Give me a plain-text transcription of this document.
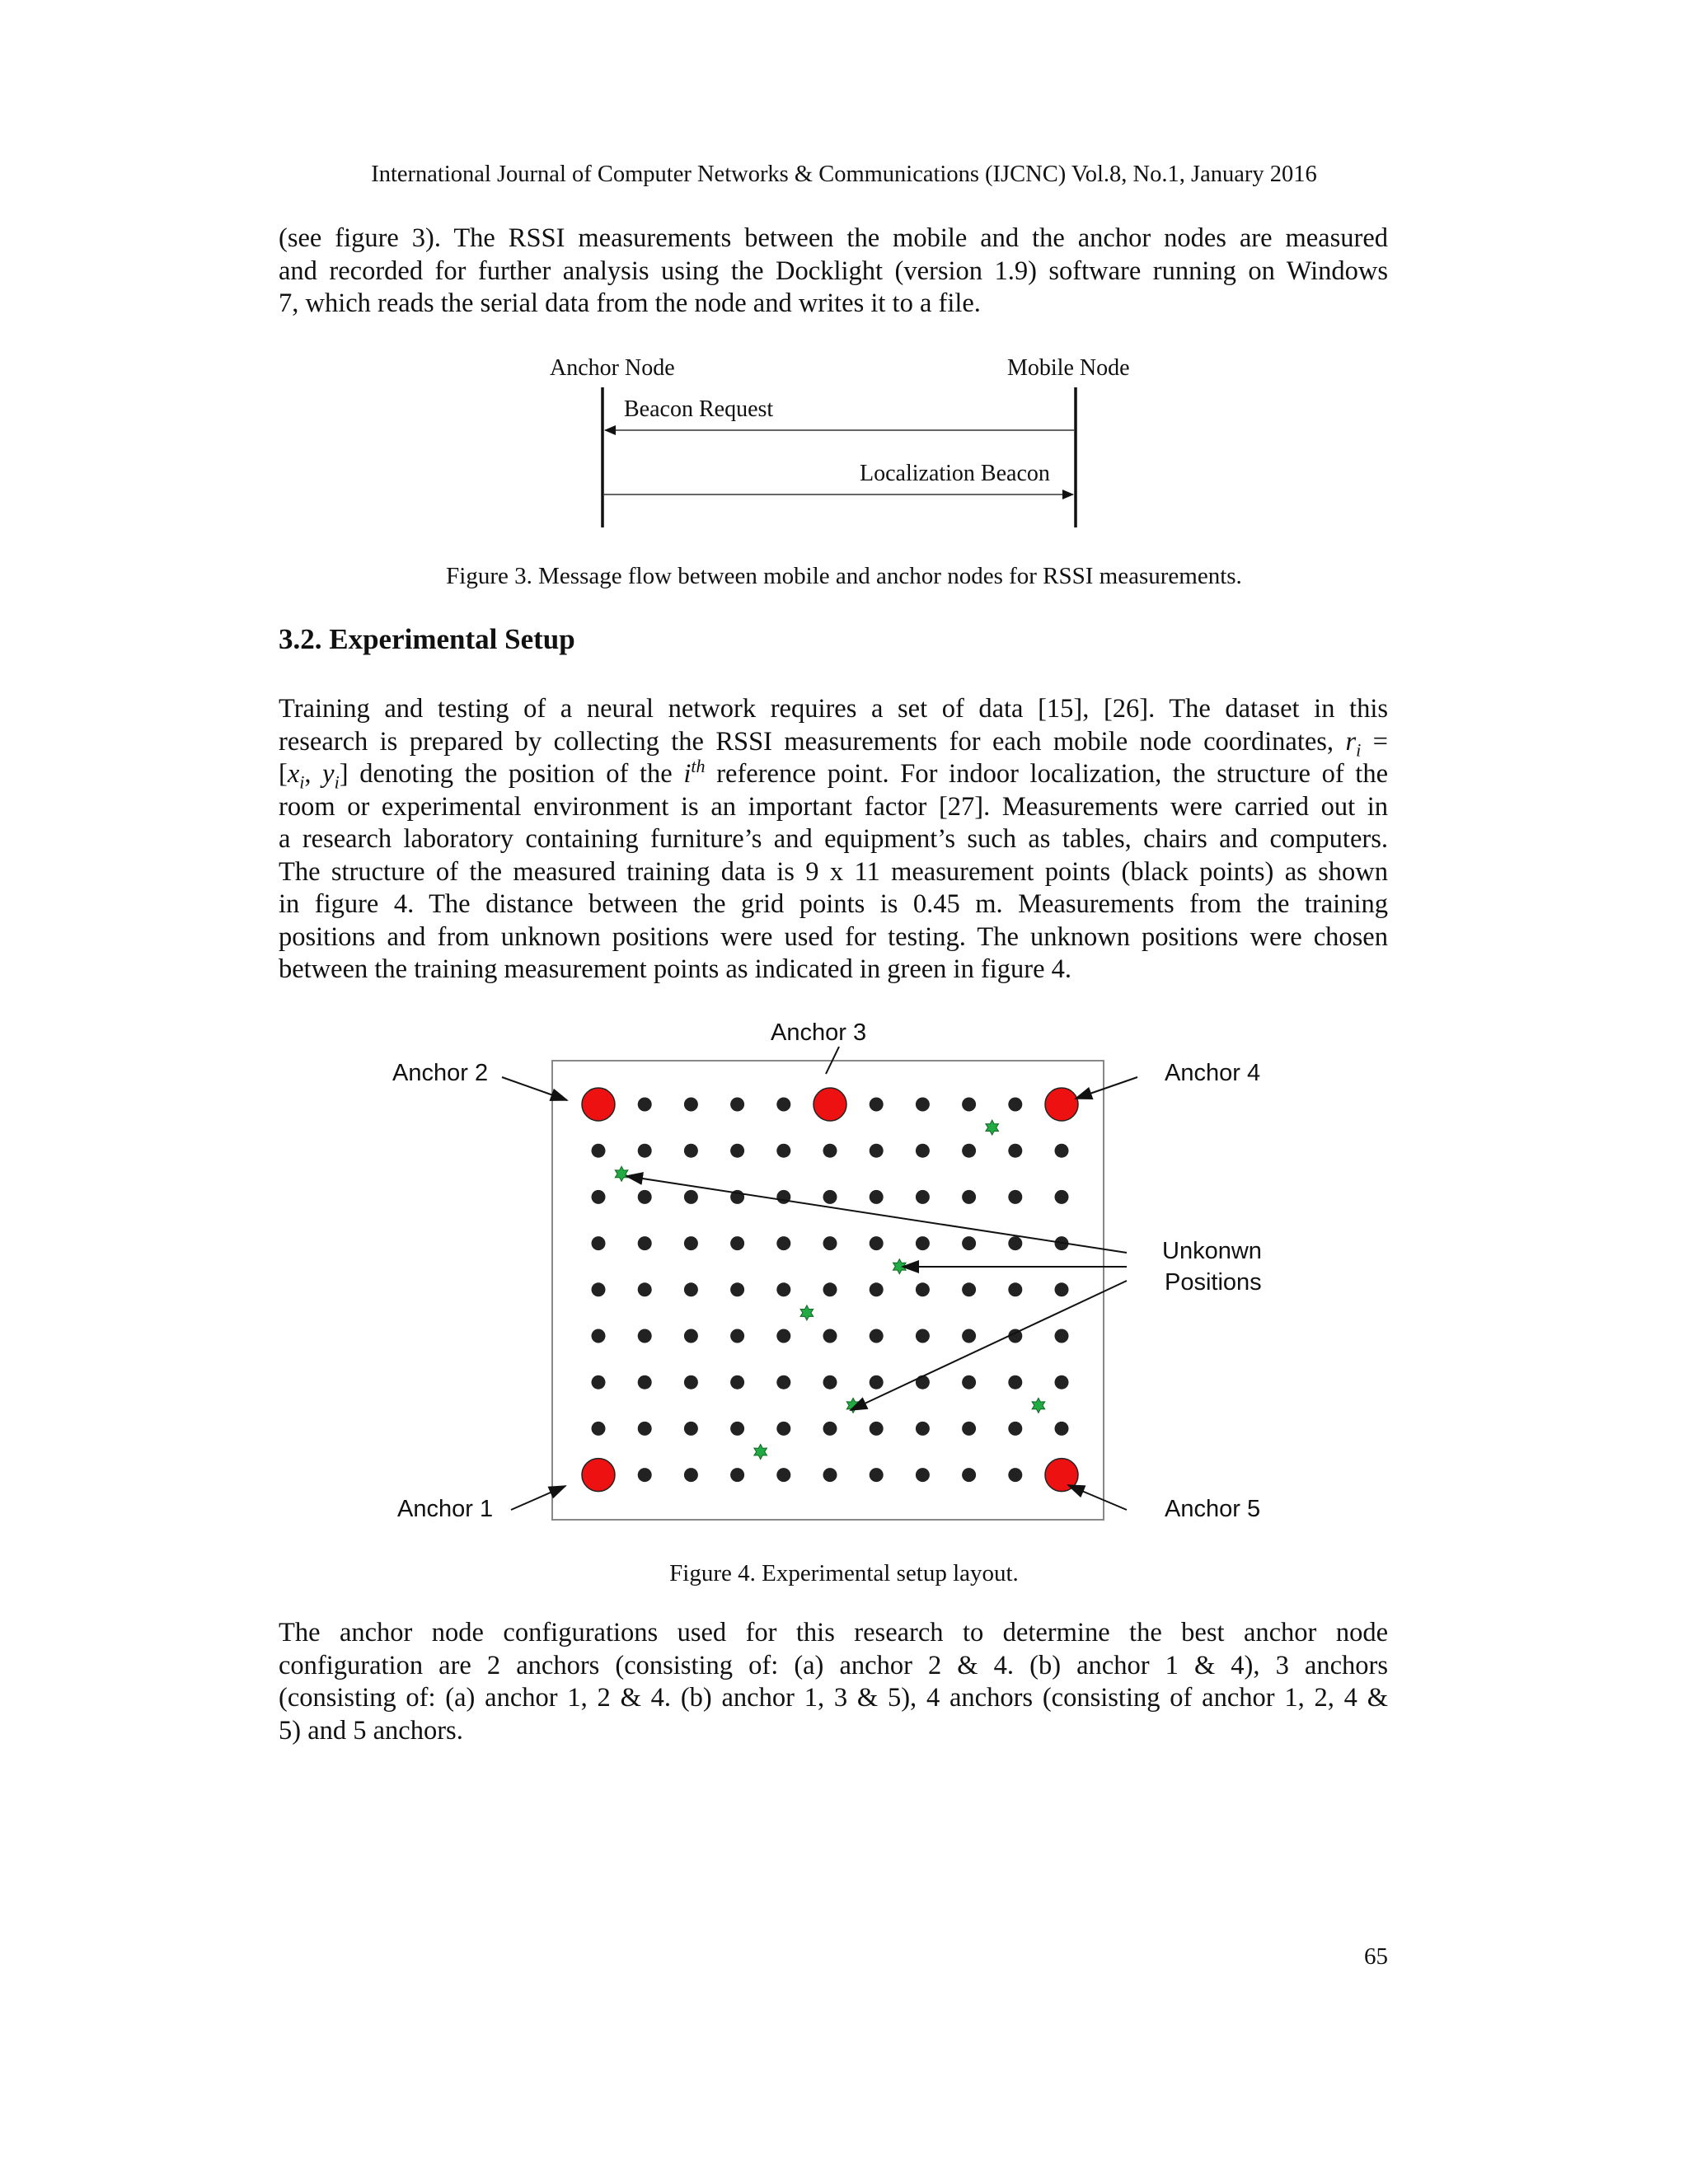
International Journal of Computer Networks & Communications (IJCNC) Vol.8, No.1, January 2016

(see figure 3). The RSSI measurements between the mobile and the anchor nodes are measured
and recorded for further analysis using the Docklight (version 1.9) software running on Windows
7, which reads the serial data from the node and writes it to a file.

Anchor Node	Mobile Node
Beacon Request
Localization Beacon
Figure 3. Message flow between mobile and anchor nodes for RSSI measurements.
3.2. Experimental Setup

Training and testing of a neural network requires a set of data [15], [26]. The dataset in this
research is prepared by collecting the RSSI measurements for each mobile node coordinates, $r_i$ =
[$x_i$, $y_i$] denoting the position of the $i^{th}$ reference point. For indoor localization, the structure of the
room or experimental environment is an important factor [27]. Measurements were carried out in
a research laboratory containing furniture’s and equipment’s such as tables, chairs and computers.
The structure of the measured training data is 9 x 11 measurement points (black points) as shown
in figure 4. The distance between the grid points is 0.45 m. Measurements from the training
positions and from unknown positions were used for testing. The unknown positions were chosen
between the training measurement points as indicated in green in figure 4.

Anchor 2
Anchor 3
Anchor 4
Anchor 1	Anchor 5
Unkonwn
Positions
Figure 4. Experimental setup layout.

The anchor node configurations used for this research to determine the best anchor node
configuration are 2 anchors (consisting of: (a) anchor 2 & 4. (b) anchor 1 & 4), 3 anchors
(consisting of: (a) anchor 1, 2 & 4. (b) anchor 1, 3 & 5), 4 anchors (consisting of anchor 1, 2, 4 &
5) and 5 anchors.

65
